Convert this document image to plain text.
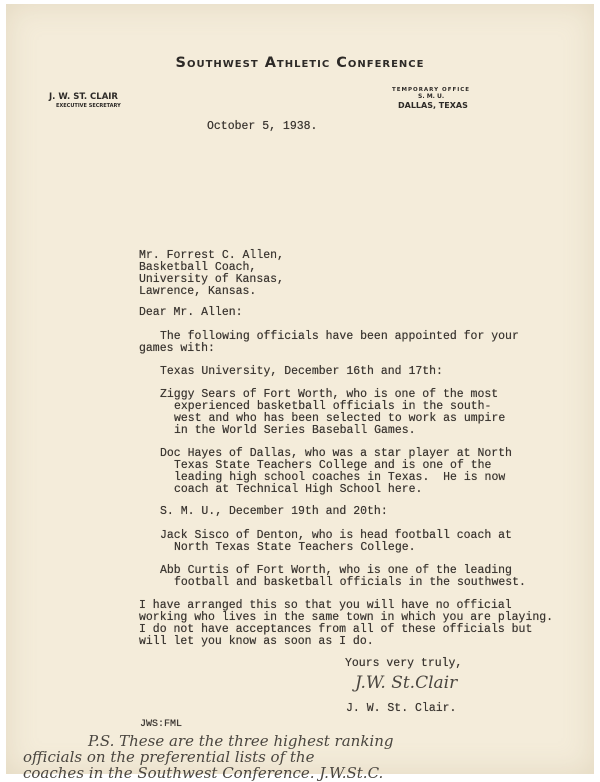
Southwest Athletic Conference
J. W. ST. CLAIR
EXECUTIVE SECRETARY
TEMPORARY OFFICE
S. M. U.
DALLAS, TEXAS
October 5, 1938.
Mr. Forrest C. Allen,
Basketball Coach,
University of Kansas,
Lawrence, Kansas.
Dear Mr. Allen:
The following officials have been appointed for your
games with:
Texas University, December 16th and 17th:
Ziggy Sears of Fort Worth, who is one of the most
experienced basketball officials in the south-
west and who has been selected to work as umpire
in the World Series Baseball Games.
Doc Hayes of Dallas, who was a star player at North
Texas State Teachers College and is one of the
leading high school coaches in Texas.  He is now
coach at Technical High School here.
S. M. U., December 19th and 20th:
Jack Sisco of Denton, who is head football coach at
North Texas State Teachers College.
Abb Curtis of Fort Worth, who is one of the leading
football and basketball officials in the southwest.
I have arranged this so that you will have no official
working who lives in the same town in which you are playing.
I do not have acceptances from all of these officials but
will let you know as soon as I do.
Yours very truly,
J.W. St.Clair
J. W. St. Clair.
JWS:FML
P.S. These are the three highest ranking
officials on the preferential lists of the
coaches in the Southwest Conference. J.W.St.C.
